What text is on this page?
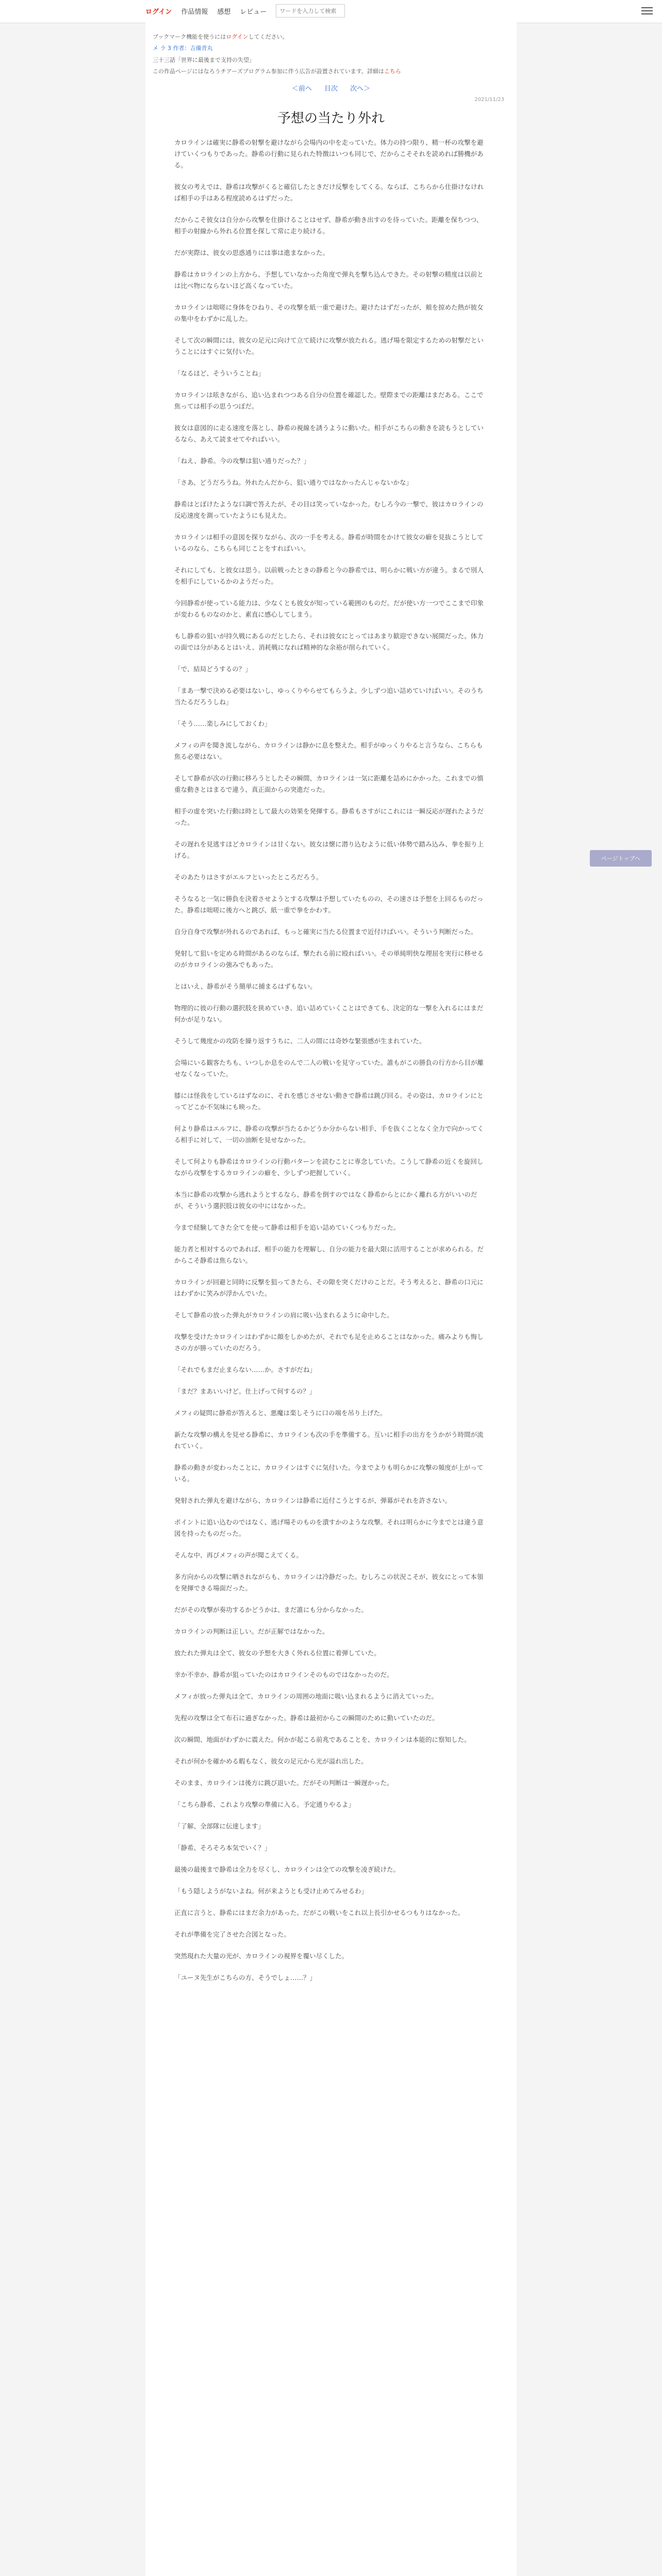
ログイン 作品情報 感想 レビュー
ワードを入力して検索

ブックマーク機能を使うにはログインしてください。

メ ラ 3 作者：吉備青丸

三十三話「世界に最後まで支持の失望」

この作品ページにはなろうチアーズプログラム参加に伴う広告が設置されています。詳細はこちら

＜前へ 目次 次へ＞
2021/11/23
予想の当たり外れ

カロラインは確実に静希の射撃を避けながら会場内の中を走っていた。体力の持つ限り、精一杯の攻撃を避けていくつもりであった。静希の行動に見られた特徴はいつも同じで、だからこそそれを読めれば勝機がある。

彼女の考えでは、静希は攻撃がくると確信したときだけ反撃をしてくる。ならば、こちらから仕掛けなければ相手の手はある程度読めるはずだった。

だからこそ彼女は自分から攻撃を仕掛けることはせず、静希が動き出すのを待っていた。距離を保ちつつ、相手の射線から外れる位置を探して常に走り続ける。

だが実際は、彼女の思惑通りには事は進まなかった。

静希はカロラインの上方から、予想していなかった角度で弾丸を撃ち込んできた。その射撃の精度は以前とは比べ物にならないほど高くなっていた。

カロラインは咄嗟に身体をひねり、その攻撃を紙一重で避けた。避けたはずだったが、頬を掠めた熱が彼女の集中をわずかに乱した。

そして次の瞬間には、彼女の足元に向けて立て続けに攻撃が放たれる。逃げ場を限定するための射撃だということにはすぐに気付いた。

「なるほど、そういうことね」

カロラインは呟きながら、追い込まれつつある自分の位置を確認した。壁際までの距離はまだある。ここで焦っては相手の思うつぼだ。

彼女は意図的に走る速度を落とし、静希の視線を誘うように動いた。相手がこちらの動きを読もうとしているなら、あえて読ませてやればいい。

「ねえ、静希。今の攻撃は狙い通りだった？」

「さあ、どうだろうね。外れたんだから、狙い通りではなかったんじゃないかな」

静希はとぼけたような口調で答えたが、その目は笑っていなかった。むしろ今の一撃で、彼はカロラインの反応速度を測っていたようにも見えた。

カロラインは相手の意図を探りながら、次の一手を考える。静希が時間をかけて彼女の癖を見抜こうとしているのなら、こちらも同じことをすればいい。

それにしても、と彼女は思う。以前戦ったときの静希と今の静希では、明らかに戦い方が違う。まるで別人を相手にしているかのようだった。

今回静希が使っている能力は、少なくとも彼女が知っている範囲のものだ。だが使い方一つでここまで印象が変わるものなのかと、素直に感心してしまう。

もし静希の狙いが持久戦にあるのだとしたら、それは彼女にとってはあまり歓迎できない展開だった。体力の面では分があるとはいえ、消耗戦になれば精神的な余裕が削られていく。

「で、結局どうするの？」

「まあ一撃で決める必要はないし、ゆっくりやらせてもらうよ。少しずつ追い詰めていけばいい。そのうち当たるだろうしね」

「そう……楽しみにしておくわ」

メフィの声を聞き流しながら、カロラインは静かに息を整えた。相手がゆっくりやると言うなら、こちらも焦る必要はない。

そして静希が次の行動に移ろうとしたその瞬間、カロラインは一気に距離を詰めにかかった。これまでの慎重な動きとはまるで違う、真正面からの突進だった。

相手の虚を突いた行動は時として最大の効果を発揮する。静希もさすがにこれには一瞬反応が遅れたようだった。

その遅れを見逃すほどカロラインは甘くない。彼女は懐に潜り込むように低い体勢で踏み込み、拳を振り上げる。

そのあたりはさすがエルフといったところだろう。

そうなると一気に勝負を決着させようとする攻撃は予想していたものの、その速さは予想を上回るものだった。静希は咄嗟に後方へと跳び、紙一重で拳をかわす。

自分自身で攻撃が外れるのであれば、もっと確実に当たる位置まで近付けばいい。そういう判断だった。

発射して狙いを定める時間があるのならば、撃たれる前に殴ればいい。その単純明快な理屈を実行に移せるのがカロラインの強みでもあった。

とはいえ、静希がそう簡単に捕まるはずもない。

物理的に彼の行動の選択肢を狭めていき、追い詰めていくことはできても、決定的な一撃を入れるにはまだ何かが足りない。

そうして幾度かの攻防を繰り返すうちに、二人の間には奇妙な緊張感が生まれていた。

会場にいる観客たちも、いつしか息をのんで二人の戦いを見守っていた。誰もがこの勝負の行方から目が離せなくなっていた。

膝には怪我をしているはずなのに、それを感じさせない動きで静希は跳び回る。その姿は、カロラインにとってどこか不気味にも映った。

何より静希はエルフに、静希の攻撃が当たるかどうか分からない相手、手を抜くことなく全力で向かってくる相手に対して、一切の油断を見せなかった。

そして何よりも静希はカロラインの行動パターンを読むことに専念していた。こうして静希の近くを旋回しながら攻撃をするカロラインの癖を、少しずつ把握していく。

本当に静希の攻撃から逃れようとするなら、静希を倒すのではなく静希からとにかく離れる方がいいのだが、そういう選択肢は彼女の中にはなかった。

今まで経験してきた全てを使って静希は相手を追い詰めていくつもりだった。

能力者と相対するのであれば、相手の能力を理解し、自分の能力を最大限に活用することが求められる。だからこそ静希は焦らない。

カロラインが回避と同時に反撃を狙ってきたら、その隙を突くだけのことだ。そう考えると、静希の口元にはわずかに笑みが浮かんでいた。

そして静希の放った弾丸がカロラインの肩に吸い込まれるように命中した。

攻撃を受けたカロラインはわずかに顔をしかめたが、それでも足を止めることはなかった。痛みよりも悔しさの方が勝っていたのだろう。

「それでもまだ止まらない……か。さすがだね」

「まだ？まあいいけど。仕上げって何するの？」

メフィの疑問に静希が答えると、悪魔は楽しそうに口の端を吊り上げた。

新たな攻撃の構えを見せる静希に、カロラインも次の手を準備する。互いに相手の出方をうかがう時間が流れていく。

静希の動きが変わったことに、カロラインはすぐに気付いた。今までよりも明らかに攻撃の頻度が上がっている。

発射された弾丸を避けながら、カロラインは静希に近付こうとするが、弾幕がそれを許さない。

ポイントに追い込むのではなく、逃げ場そのものを潰すかのような攻撃。それは明らかに今までとは違う意図を持ったものだった。

そんな中、再びメフィの声が聞こえてくる。

多方向からの攻撃に晒されながらも、カロラインは冷静だった。むしろこの状況こそが、彼女にとって本領を発揮できる場面だった。

だがその攻撃が奏功するかどうかは、まだ誰にも分からなかった。

カロラインの判断は正しい。だが正解ではなかった。

放たれた弾丸は全て、彼女の予想を大きく外れる位置に着弾していた。

幸か不幸か、静希が狙っていたのはカロラインそのものではなかったのだ。

メフィが放った弾丸は全て、カロラインの周囲の地面に吸い込まれるように消えていった。

先程の攻撃は全て布石に過ぎなかった。静希は最初からこの瞬間のために動いていたのだ。

次の瞬間、地面がわずかに震えた。何かが起こる前兆であることを、カロラインは本能的に察知した。

それが何かを確かめる暇もなく、彼女の足元から光が溢れ出した。

そのまま、カロラインは後方に跳び退いた。だがその判断は一瞬遅かった。

「こちら静希、これより攻撃の準備に入る。予定通りやるよ」

「了解、全部隊に伝達します」

「静希、そろそろ本気でいく？」

最後の最後まで静希は全力を尽くし、カロラインは全ての攻撃を凌ぎ続けた。

「もう隠しようがないよね。何が来ようとも受け止めてみせるわ」

正直に言うと、静希にはまだ余力があった。だがこの戦いをこれ以上長引かせるつもりはなかった。

それが準備を完了させた合図となった。

突然現れた大量の光が、カロラインの視界を覆い尽くした。

「ユーヌ先生がこちらの方、そうでしょ……？」

ページトップへ
